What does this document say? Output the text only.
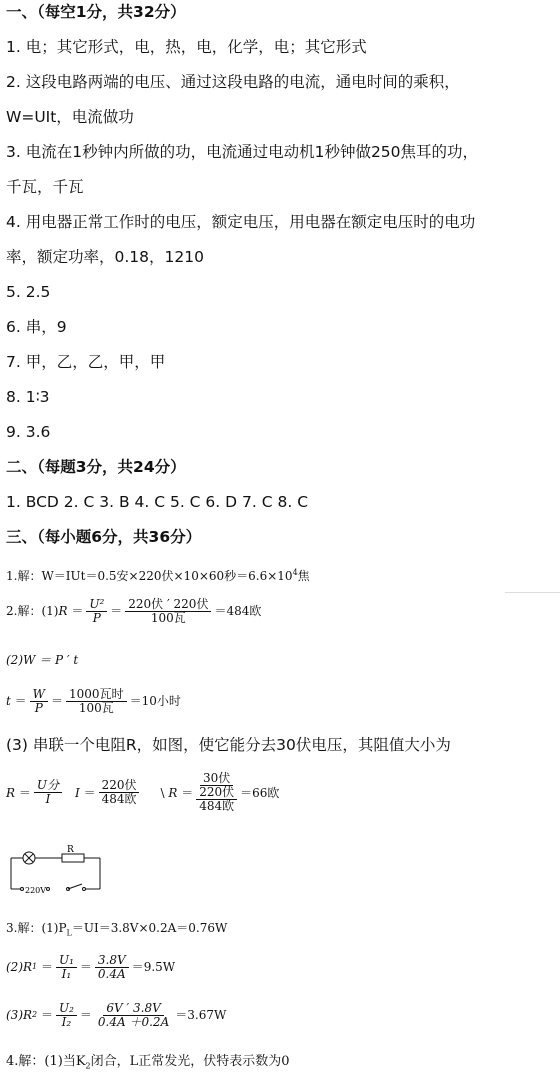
一、（每空1分，共32分）
1. 电；其它形式，电，热，电，化学，电；其它形式
2. 这段电路两端的电压、通过这段电路的电流，通电时间的乘积，
W=UIt，电流做功
3. 电流在1秒钟内所做的功，电流通过电动机1秒钟做250焦耳的功，
千瓦，千瓦
4. 用电器正常工作时的电压，额定电压，用电器在额定电压时的电功
率，额定功率，0.18，1210
5. 2.5
6. 串，9
7. 甲，乙，乙，甲，甲
8. 1∶3
9. 3.6
二、（每题3分，共24分）
1. BCD 2. C 3. B 4. C 5. C 6. D 7. C 8. C
三、（每小题6分，共36分）
1.解：W＝IUt＝0.5安×220伏×10×60秒$=6.6\times 10^4$焦
2.解：(1) $R = \frac{\text{U²}}{P} = \frac{\text{220伏 ′ 220伏}}{\text{100瓦}} = 484$欧
(2)W ＝ P ′ t
$t = \frac{W}{P} = \frac{\text{1000瓦时}}{\text{100瓦}} = 10$小时
(3) 串联一个电阻R，如图，使它能分去30伏电压，其阻值大小为
$R = \frac{\text{U分}}{I}$ $I = \frac{\text{220伏}}{\text{484欧}}$ \ R ＝
30伏
220伏
484欧
＝ 66欧
R
220V
3.解：$(1)P_L=UI=3.8V\times 0.2A=0.76W$
(2)R $1 = \frac{\text{U₁}}{\text{I₁}} = \frac{3.8V}{0.4A} = 9.5W$
(3)R $2 = \frac{\text{U₂}}{\text{I₂}} = \frac{6V ' 3.8V}{0.4A +0.2A} = 3.67W$
4.解：(1)当$K_2$闭合，L正常发光，伏特表示数为0
